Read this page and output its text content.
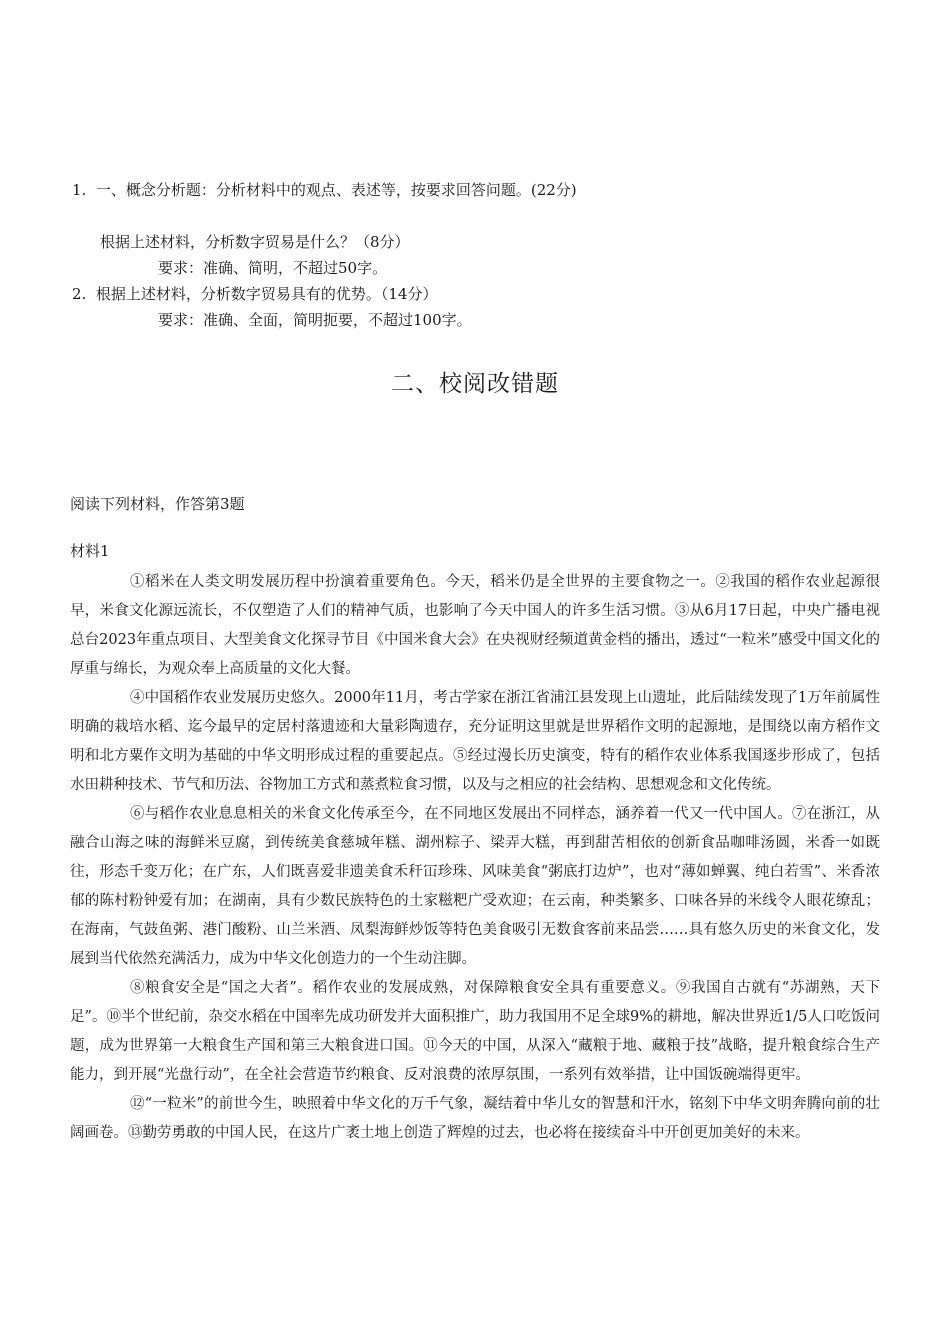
1. 一、概念分析题：分析材料中的观点、表述等，按要求回答问题。(22分)
根据上述材料，分析数字贸易是什么？（8分）
要求：准确、简明，不超过50字。
2. 根据上述材料，分析数字贸易具有的优势。（14分）
要求：准确、全面，简明扼要，不超过100字。
二、校阅改错题
阅读下列材料，作答第3题
材料1

①稻米在人类文明发展历程中扮演着重要角色。今天，稻米仍是全世界的主要食物之一。②我国的稻作农业起源很早，米食文化源远流长，不仅塑造了人们的精神气质，也影响了今天中国人的许多生活习惯。③从6月17日起，中央广播电视总台2023年重点项目、大型美食文化探寻节目《中国米食大会》在央视财经频道黄金档的播出，透过“一粒米”感受中国文化的厚重与绵长，为观众奉上高质量的文化大餐。

④中国稻作农业发展历史悠久。2000年11月，考古学家在浙江省浦江县发现上山遗址，此后陆续发现了1万年前属性明确的栽培水稻、迄今最早的定居村落遗迹和大量彩陶遗存，充分证明这里就是世界稻作文明的起源地，是围绕以南方稻作文明和北方粟作文明为基础的中华文明形成过程的重要起点。⑤经过漫长历史演变，特有的稻作农业体系我国逐步形成了，包括水田耕种技术、节气和历法、谷物加工方式和蒸煮粒食习惯，以及与之相应的社会结构、思想观念和文化传统。

⑥与稻作农业息息相关的米食文化传承至今，在不同地区发展出不同样态，涵养着一代又一代中国人。⑦在浙江，从融合山海之味的海鲜米豆腐，到传统美食慈城年糕、湖州粽子、梁弄大糕，再到甜苦相依的创新食品咖啡汤圆，米香一如既往，形态千变万化；在广东，人们既喜爱非遗美食禾秆冚珍珠、风味美食“粥底打边炉”，也对“薄如蝉翼、纯白若雪”、米香浓郁的陈村粉钟爱有加；在湖南，具有少数民族特色的土家糍粑广受欢迎；在云南，种类繁多、口味各异的米线令人眼花缭乱；在海南，气鼓鱼粥、港门酸粉、山兰米酒、凤梨海鲜炒饭等特色美食吸引无数食客前来品尝……具有悠久历史的米食文化，发展到当代依然充满活力，成为中华文化创造力的一个生动注脚。

⑧粮食安全是“国之大者”。稻作农业的发展成熟，对保障粮食安全具有重要意义。⑨我国自古就有“苏湖熟，天下足”。⑩半个世纪前，杂交水稻在中国率先成功研发并大面积推广，助力我国用不足全球9%的耕地，解决世界近1/5人口吃饭问题，成为世界第一大粮食生产国和第三大粮食进口国。⑪今天的中国，从深入“藏粮于地、藏粮于技”战略，提升粮食综合生产能力，到开展“光盘行动”，在全社会营造节约粮食、反对浪费的浓厚氛围，一系列有效举措，让中国饭碗端得更牢。

⑫“一粒米”的前世今生，映照着中华文化的万千气象，凝结着中华儿女的智慧和汗水，铭刻下中华文明奔腾向前的壮阔画卷。⑬勤劳勇敢的中国人民，在这片广袤土地上创造了辉煌的过去，也必将在接续奋斗中开创更加美好的未来。
